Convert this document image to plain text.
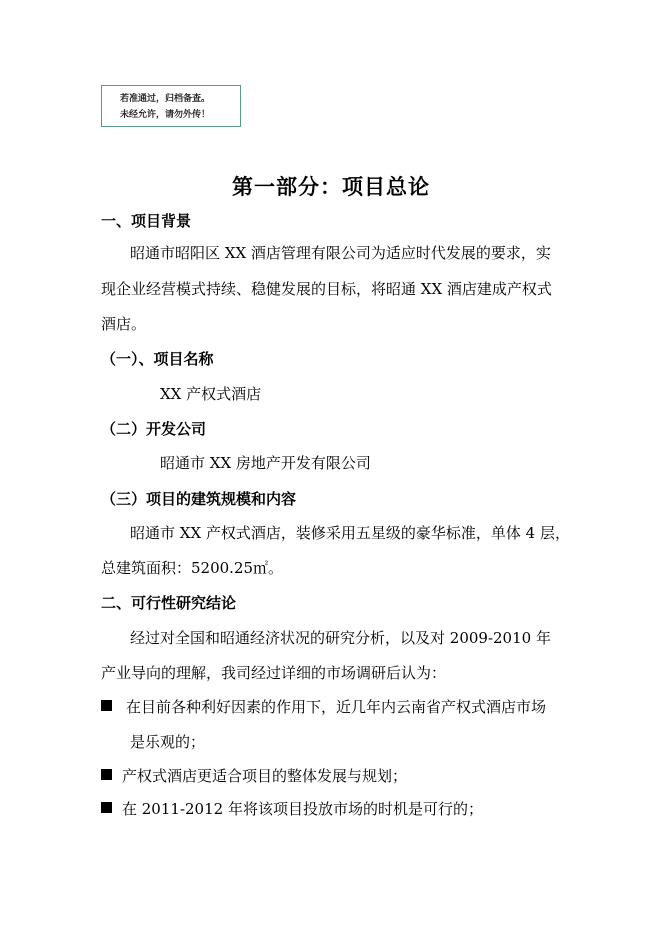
若准通过，归档备查。
未经允许，请勿外传！
第一部分：项目总论
一、项目背景
昭通市昭阳区 XX 酒店管理有限公司为适应时代发展的要求，实
现企业经营模式持续、稳健发展的目标，将昭通 XX 酒店建成产权式
酒店。
（一）、项目名称
XX 产权式酒店
（二）开发公司
昭通市 XX 房地产开发有限公司
（三）项目的建筑规模和内容
昭通市 XX 产权式酒店，装修采用五星级的豪华标准，单体 4 层，
总建筑面积：5200.25㎡。
二、可行性研究结论
经过对全国和昭通经济状况的研究分析，以及对 2009-2010 年
产业导向的理解，我司经过详细的市场调研后认为：
在目前各种利好因素的作用下，近几年内云南省产权式酒店市场
是乐观的；
产权式酒店更适合项目的整体发展与规划；
在 2011-2012 年将该项目投放市场的时机是可行的；
